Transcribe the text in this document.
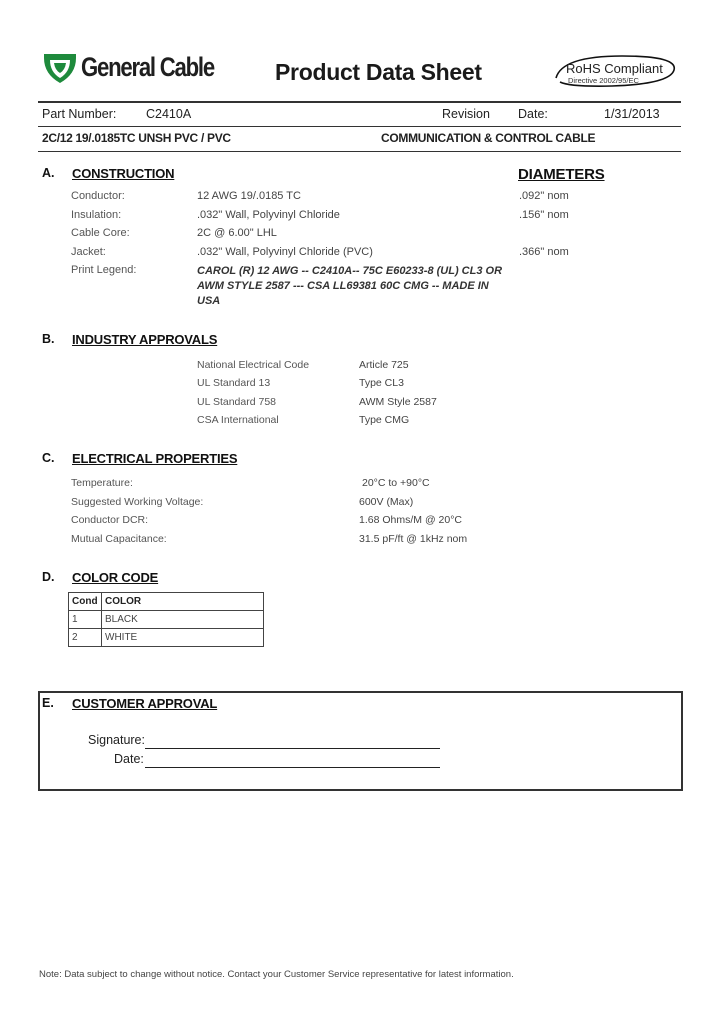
General Cable	Product Data Sheet	RoHS Compliant
Directive 2002/95/EC
Part Number: C2410A	Revision Date:	1/31/2013
2C/12 19/.0185TC UNSH PVC / PVC	COMMUNICATION & CONTROL CABLE
A. CONSTRUCTION	DIAMETERS
Conductor:	12 AWG 19/.0185 TC	.092" nom
Insulation:	.032" Wall, Polyvinyl Chloride	.156" nom
Cable Core:	2C @ 6.00" LHL
Jacket:	.032" Wall, Polyvinyl Chloride (PVC)	.366" nom
Print Legend:	CAROL (R) 12 AWG -- C2410A-- 75C E60233-8 (UL) CL3 OR AWM STYLE 2587 --- CSA LL69381 60C CMG -- MADE IN USA
B. INDUSTRY APPROVALS
National Electrical Code	Article 725
UL Standard 13	Type CL3
UL Standard 758	AWM Style 2587
CSA International	Type CMG
C. ELECTRICAL PROPERTIES
Temperature:	20°C to +90°C
Suggested Working Voltage:	600V (Max)
Conductor DCR:	1.68 Ohms/M @ 20°C
Mutual Capacitance:	31.5 pF/ft @ 1kHz nom
D. COLOR CODE
Cond	COLOR
1	BLACK
2	WHITE
E. CUSTOMER APPROVAL
Signature:
Date:
Note: Data subject to change without notice. Contact your Customer Service representative for latest information.
